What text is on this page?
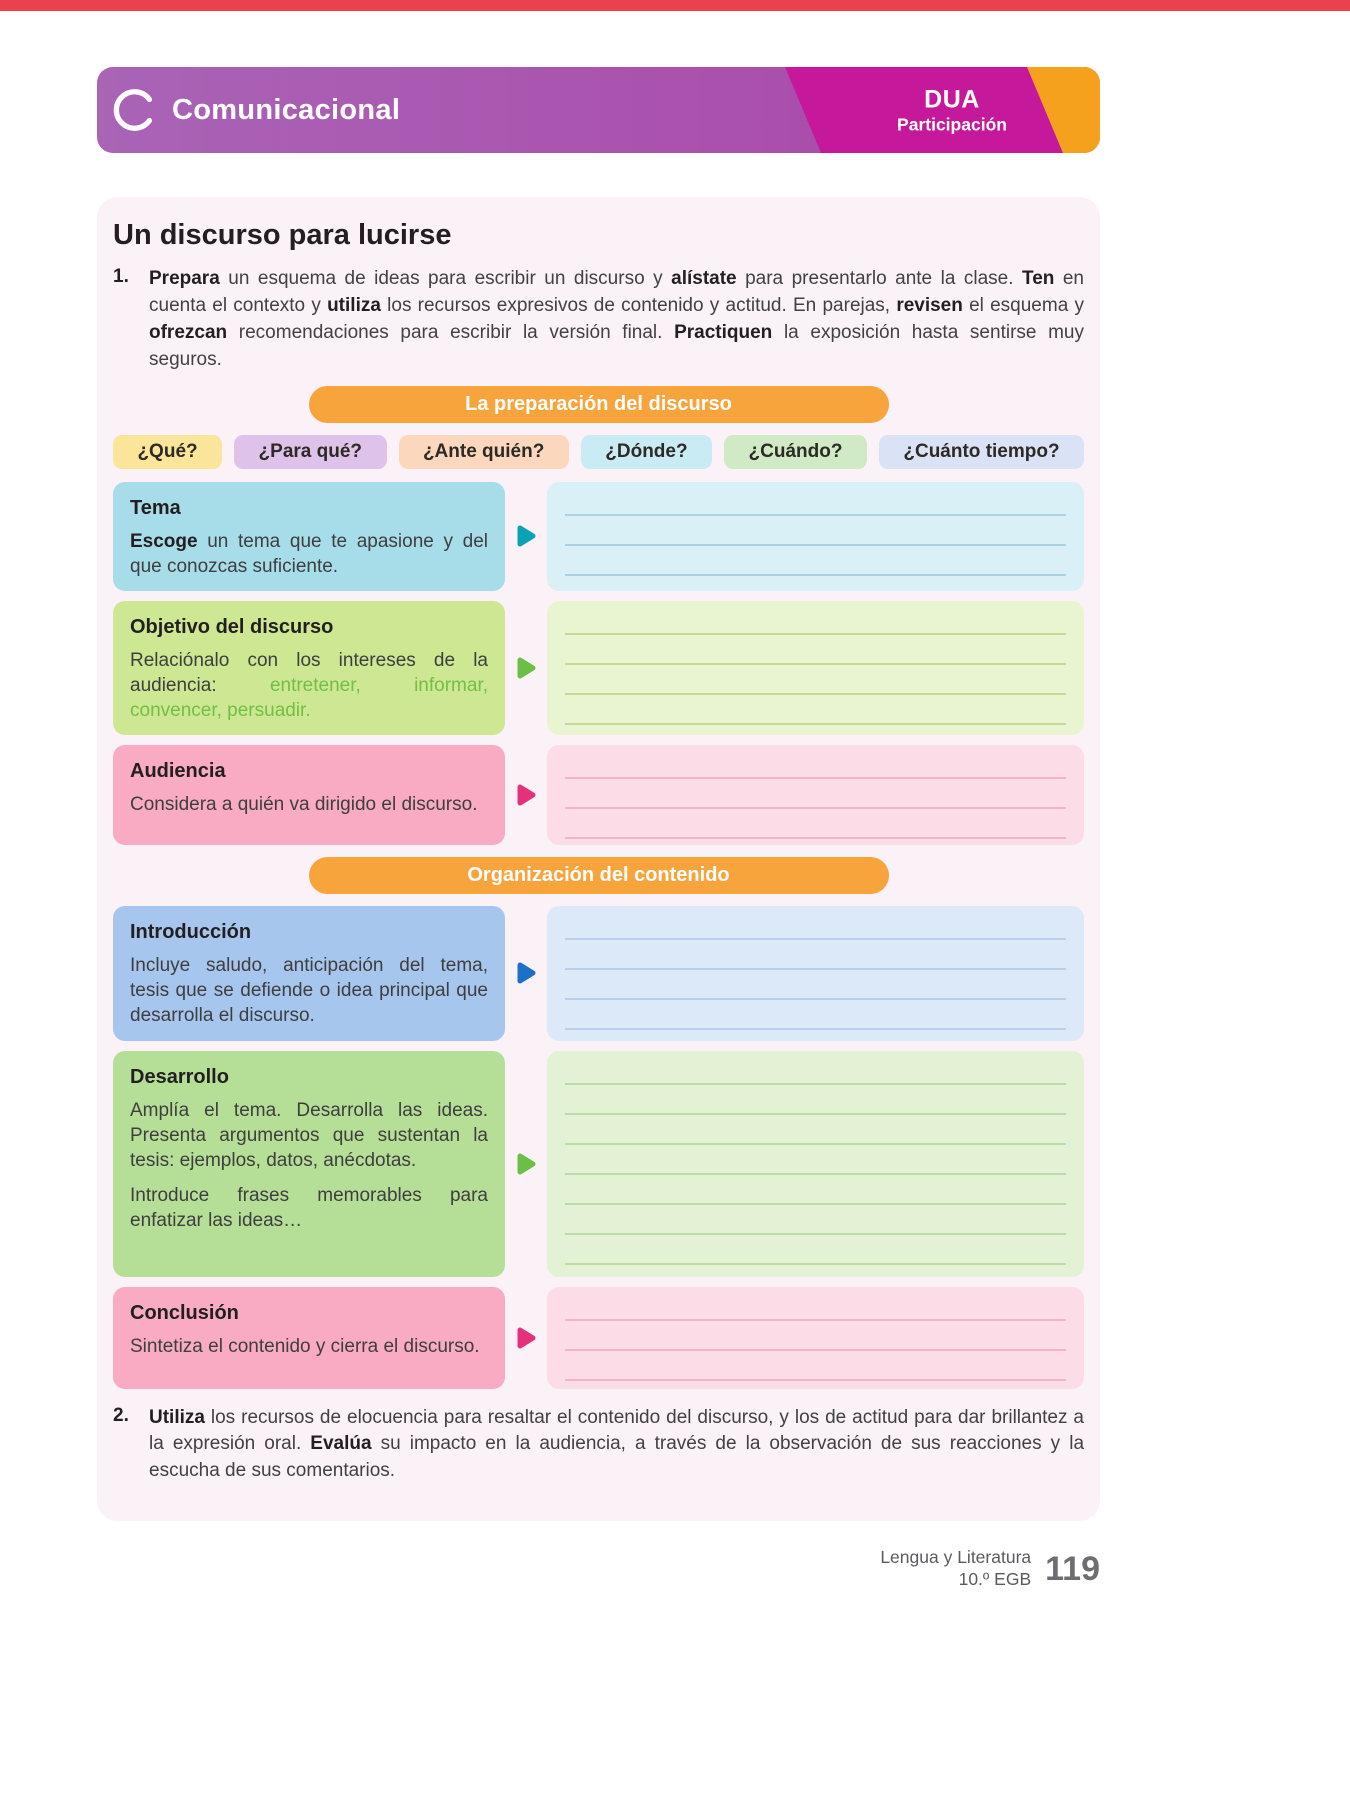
Comunicacional	DUA
Participación
Un discurso para lucirse
1.	Prepara un esquema de ideas para escribir un discurso y alístate para presentarlo ante la clase. Ten en cuenta el contexto y utiliza los recursos expresivos de contenido y actitud. En parejas, revisen el esquema y ofrezcan recomendaciones para escribir la versión final. Practiquen la exposición hasta sentirse muy seguros.

La preparación del discurso
¿Qué?	¿Para qué?	¿Ante quién?	¿Dónde?	¿Cuándo?	¿Cuánto tiempo?
Tema

Escoge un tema que te apasione y del que conozcas suficiente.

Objetivo del discurso

Relaciónalo con los intereses de la audiencia: entretener, informar, convencer, persuadir.

Audiencia

Considera a quién va dirigido el discurso.

Organización del contenido
Introducción

Incluye saludo, anticipación del tema, tesis que se defiende o idea principal que desarrolla el discurso.

Desarrollo

Amplía el tema. Desarrolla las ideas. Presenta argumentos que sustentan la tesis: ejemplos, datos, anécdotas.

Introduce frases memorables para enfatizar las ideas…

Conclusión

Sintetiza el contenido y cierra el discurso.

2.	Utiliza los recursos de elocuencia para resaltar el contenido del discurso, y los de actitud para dar brillantez a la expresión oral. Evalúa su impacto en la audiencia, a través de la observación de sus reacciones y la escucha de sus comentarios.

Lengua y Literatura
10.º EGB 119
